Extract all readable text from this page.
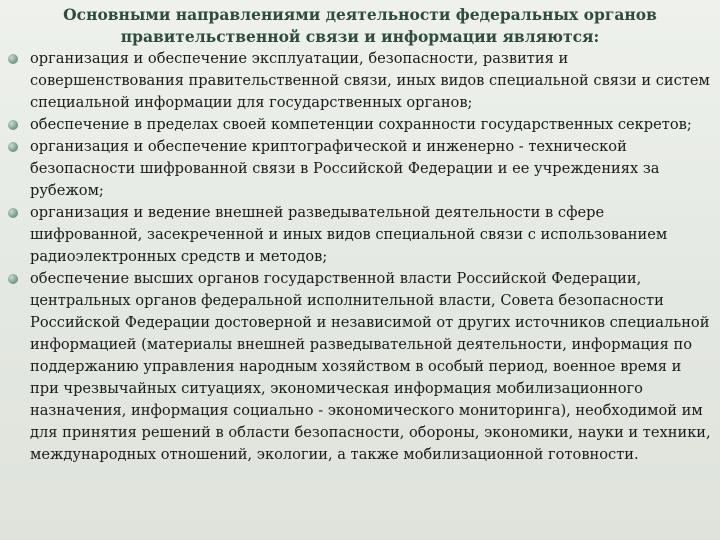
Основными направлениями деятельности федеральных органов
правительственной связи и информации являются:
организация и обеспечение эксплуатации, безопасности, развития и совершенствования правительственной связи, иных видов специальной связи и систем специальной информации для государственных органов;
обеспечение в пределах своей компетенции сохранности государственных секретов;
организация и обеспечение криптографической и инженерно - технической безопасности шифрованной связи в Российской Федерации и ее учреждениях за рубежом;
организация и ведение внешней разведывательной деятельности в сфере шифрованной, засекреченной и иных видов специальной связи с использованием радиоэлектронных средств и методов;
обеспечение высших органов государственной власти Российской Федерации, центральных органов федеральной исполнительной власти, Совета безопасности Российской Федерации достоверной и независимой от других источников специальной информацией (материалы внешней разведывательной деятельности, информация по поддержанию управления народным хозяйством в особый период, военное время и при чрезвычайных ситуациях, экономическая информация мобилизационного назначения, информация социально - экономического мониторинга), необходимой им для принятия решений в области безопасности, обороны, экономики, науки и техники, международных отношений, экологии, а также мобилизационной готовности.
